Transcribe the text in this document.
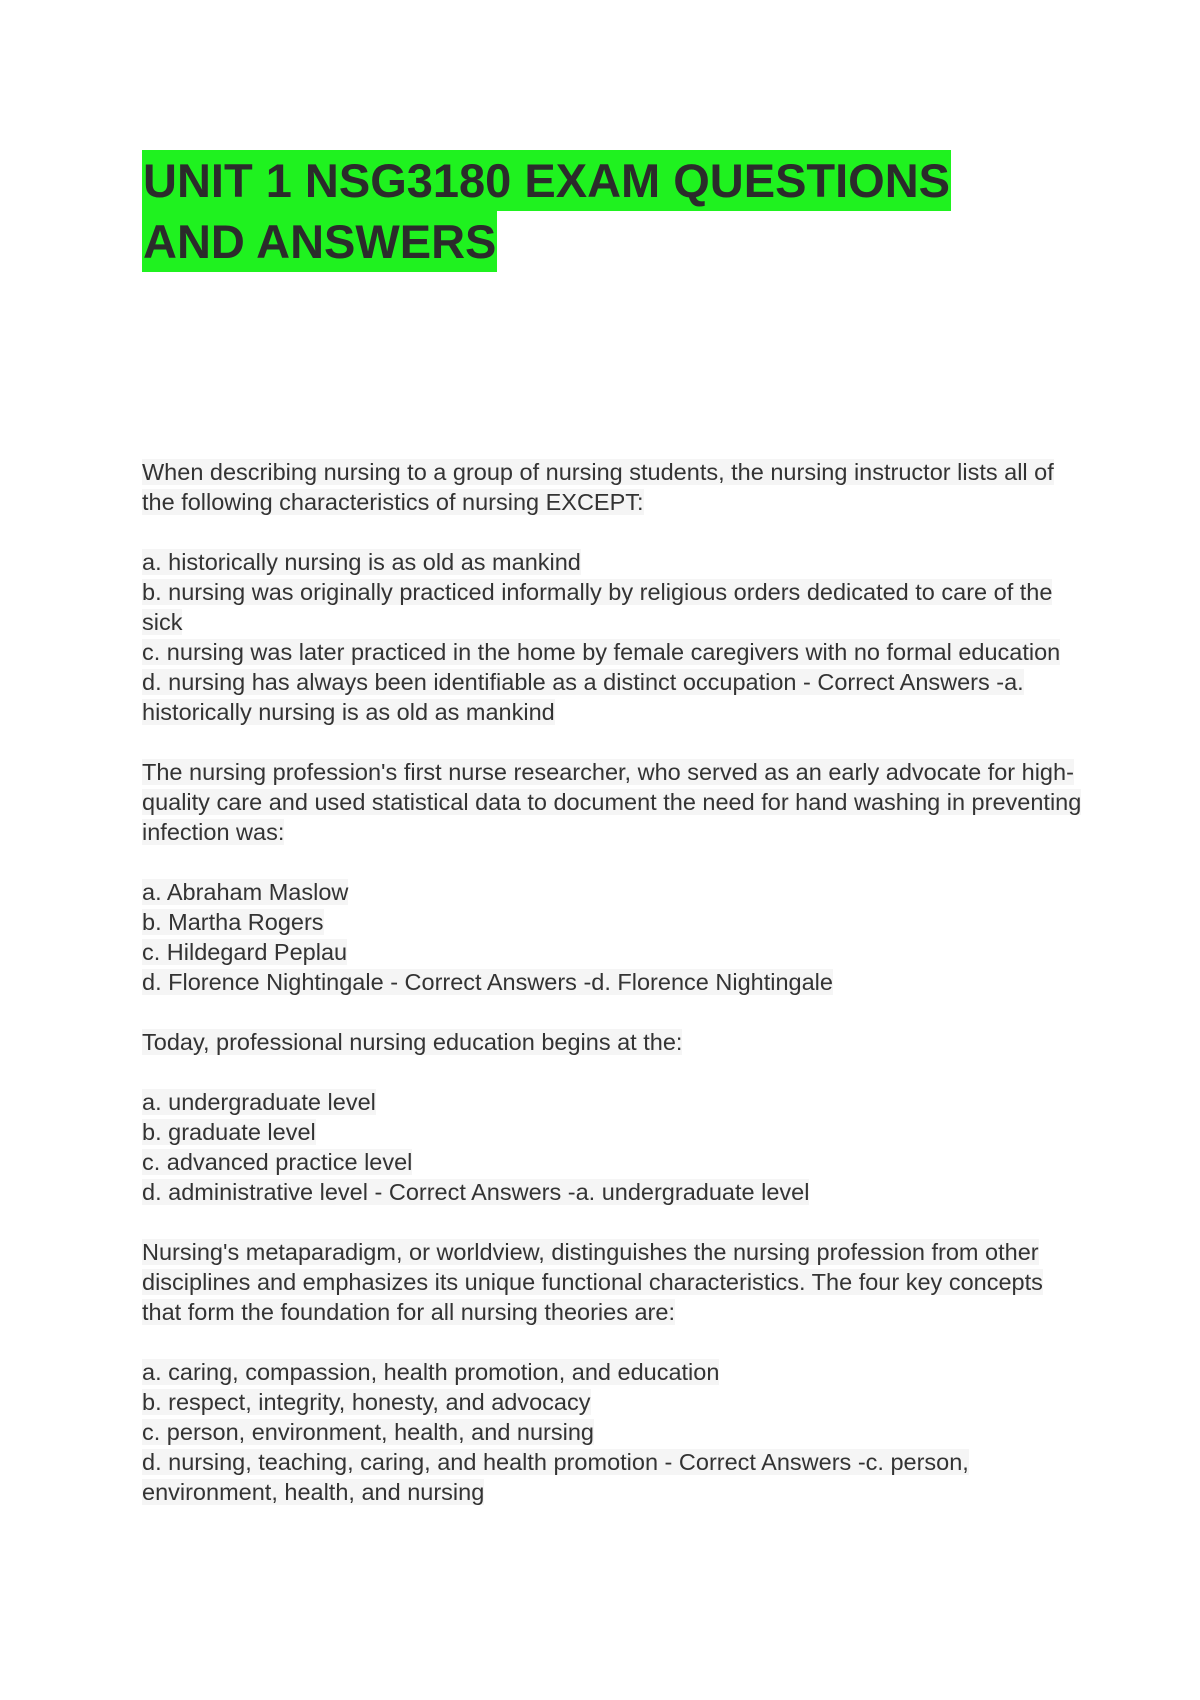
UNIT 1 NSG3180 EXAM QUESTIONS
AND ANSWERS

When describing nursing to a group of nursing students, the nursing instructor lists all of the following characteristics of nursing EXCEPT:

a. historically nursing is as old as mankind
b. nursing was originally practiced informally by religious orders dedicated to care of the sick
c. nursing was later practiced in the home by female caregivers with no formal education
d. nursing has always been identifiable as a distinct occupation - Correct Answers -a. historically nursing is as old as mankind

The nursing profession's first nurse researcher, who served as an early advocate for high-quality care and used statistical data to document the need for hand washing in preventing infection was:

a. Abraham Maslow
b. Martha Rogers
c. Hildegard Peplau
d. Florence Nightingale - Correct Answers -d. Florence Nightingale

Today, professional nursing education begins at the:

a. undergraduate level
b. graduate level
c. advanced practice level
d. administrative level - Correct Answers -a. undergraduate level

Nursing's metaparadigm, or worldview, distinguishes the nursing profession from other disciplines and emphasizes its unique functional characteristics. The four key concepts that form the foundation for all nursing theories are:

a. caring, compassion, health promotion, and education
b. respect, integrity, honesty, and advocacy
c. person, environment, health, and nursing
d. nursing, teaching, caring, and health promotion - Correct Answers -c. person, environment, health, and nursing
